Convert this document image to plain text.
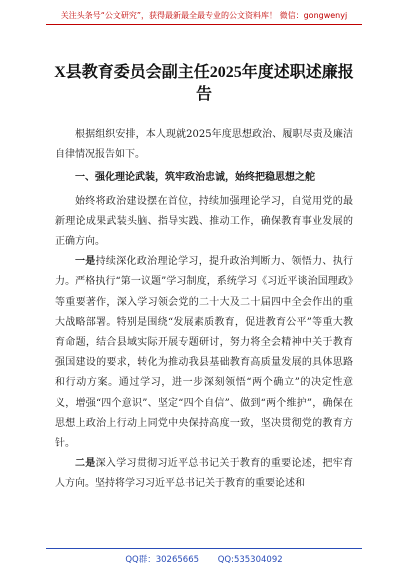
关注头条号“公文研究”，获得最新最全最专业的公文资料库！ 微信：gongwenyj
X县教育委员会副主任2025年度述职述廉报告

根据组织安排，本人现就2025年度思想政治、履职尽责及廉洁自律情况报告如下。

一、强化理论武装，筑牢政治忠诚，始终把稳思想之舵

始终将政治建设摆在首位，持续加强理论学习，自觉用党的最新理论成果武装头脑、指导实践、推动工作，确保教育事业发展的正确方向。

一是持续深化政治理论学习，提升政治判断力、领悟力、执行力。严格执行“第一议题”学习制度，系统学习《习近平谈治国理政》等重要著作，深入学习领会党的二十大及二十届四中全会作出的重大战略部署。特别是围绕“发展素质教育，促进教育公平”等重大教育命题，结合县域实际开展专题研讨，努力将全会精神中关于教育强国建设的要求，转化为推动我县基础教育高质量发展的具体思路和行动方案。通过学习，进一步深刻领悟“两个确立”的决定性意义，增强“四个意识”、坚定“四个自信”、做到“两个维护”，确保在思想上政治上行动上同党中央保持高度一致，坚决贯彻党的教育方针。

二是深入学习贯彻习近平总书记关于教育的重要论述，把牢育人方向。坚持将学习习近平总书记关于教育的重要论述和

QQ群：30265665 QQ:535304092
